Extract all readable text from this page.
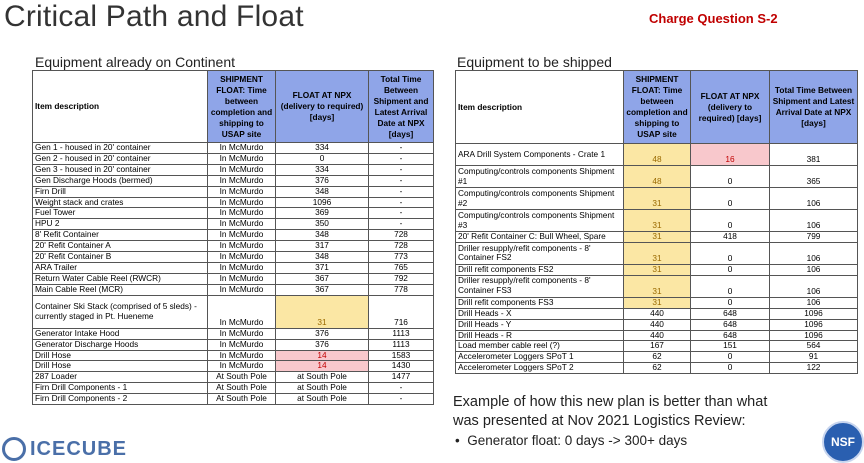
Critical Path and Float	Charge Question S-2
Equipment already on Continent	Equipment to be shipped
Item description	SHIPMENT FLOAT: Time between completion and shipping to USAP site	FLOAT AT NPX (delivery to required) [days]	Total Time Between Shipment and Latest Arrival Date at NPX [days]
Gen 1 - housed in 20' container	In McMurdo	334	-
Gen 2 - housed in 20' container	In McMurdo	0	-
Gen 3 - housed in 20' container	In McMurdo	334	-
Gen Discharge Hoods (bermed)	In McMurdo	376	-
Firn Drill	In McMurdo	348	-
Weight stack and crates	In McMurdo	1096	-
Fuel Tower	In McMurdo	369	-
HPU 2	In McMurdo	350	-
8' Refit Container	In McMurdo	348	728
20' Refit Container A	In McMurdo	317	728
20' Refit Container B	In McMurdo	348	773
ARA Trailer	In McMurdo	371	765
Return Water Cable Reel (RWCR)	In McMurdo	367	792
Main Cable Reel (MCR)	In McMurdo	367	778
Container Ski Stack (comprised of 5 sleds) - currently staged in Pt. Hueneme	In McMurdo	31	716
Generator Intake Hood	In McMurdo	376	1113
Generator Discharge Hoods	In McMurdo	376	1113
Drill Hose	In McMurdo	14	1583
Drill Hose	In McMurdo	14	1430
287 Loader	At South Pole	at South Pole	1477
Firn Drill Components - 1	At South Pole	at South Pole	-
Firn Drill Components - 2	At South Pole	at South Pole	-
Item description	SHIPMENT FLOAT: Time between completion and shipping to USAP site	FLOAT AT NPX (delivery to required) [days]	Total Time Between Shipment and Latest Arrival Date at NPX [days]
ARA Drill System Components - Crate 1	48	16	381
Computing/controls components Shipment #1	48	0	365
Computing/controls components Shipment #2	31	0	106
Computing/controls components Shipment #3	31	0	106
20' Refit Container C: Bull Wheel, Spare	31	418	799
Driller resupply/refit components - 8' Container FS2	31	0	106
Drill refit components FS2	31	0	106
Driller resupply/refit components - 8' Container FS3	31	0	106
Drill refit components FS3	31	0	106
Drill Heads - X	440	648	1096
Drill Heads - Y	440	648	1096
Drill Heads - R	440	648	1096
Load member cable reel (?)	167	151	564
Accelerometer Loggers SPoT 1	62	0	91
Accelerometer Loggers SPoT 2	62	0	122
Example of how this new plan is better than what
was presented at Nov 2021 Logistics Review:
•  Generator float: 0 days -> 300+ days
ICECUBE	NSF
